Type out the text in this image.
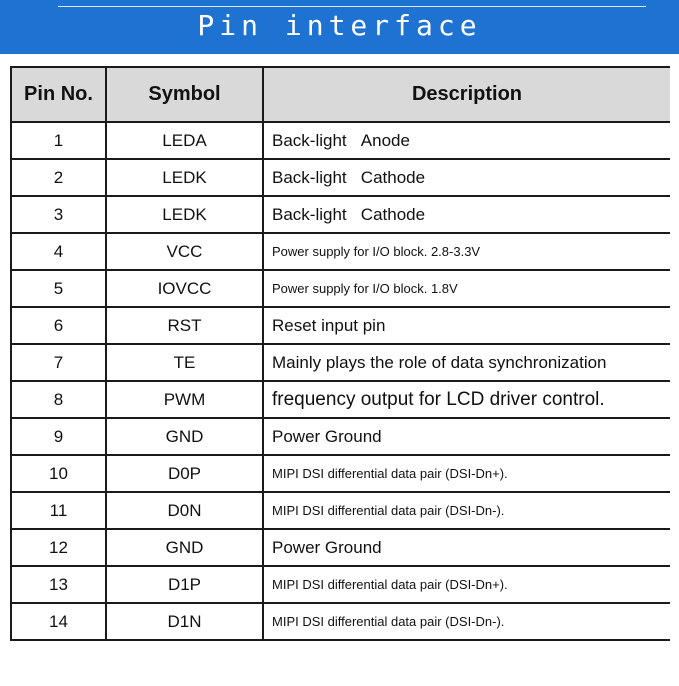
Pin interface
Pin No.	Symbol	Description
1	LEDA	Back-light   Anode
2	LEDK	Back-light   Cathode
3	LEDK	Back-light   Cathode
4	VCC	Power supply for I/O block. 2.8-3.3V
5	IOVCC	Power supply for I/O block. 1.8V
6	RST	Reset input pin
7	TE	Mainly plays the role of data synchronization
8	PWM	frequency output for LCD driver control.
9	GND	Power Ground
10	D0P	MIPI DSI differential data pair (DSI-Dn+).
11	D0N	MIPI DSI differential data pair (DSI-Dn-).
12	GND	Power Ground
13	D1P	MIPI DSI differential data pair (DSI-Dn+).
14	D1N	MIPI DSI differential data pair (DSI-Dn-).
